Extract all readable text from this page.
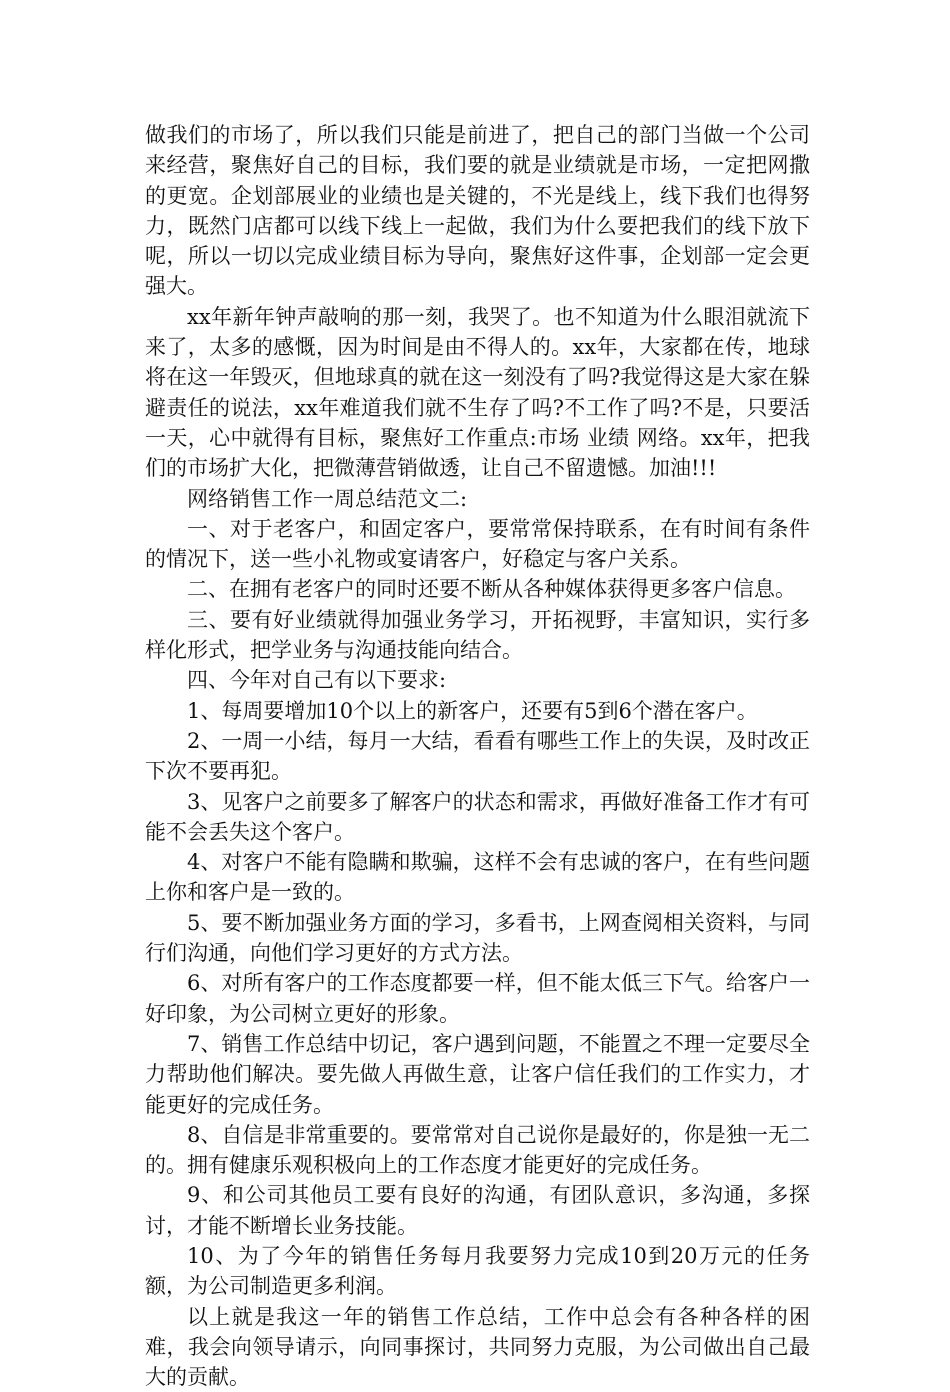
做我们的市场了，所以我们只能是前进了，把自己的部门当做一个公司来经营，聚焦好自己的目标，我们要的就是业绩就是市场，一定把网撒的更宽。企划部展业的业绩也是关键的，不光是线上，线下我们也得努力，既然门店都可以线下线上一起做，我们为什么要把我们的线下放下呢，所以一切以完成业绩目标为导向，聚焦好这件事，企划部一定会更强大。

xx年新年钟声敲响的那一刻，我哭了。也不知道为什么眼泪就流下来了，太多的感慨，因为时间是由不得人的。xx年，大家都在传，地球将在这一年毁灭，但地球真的就在这一刻没有了吗?我觉得这是大家在躲避责任的说法，xx年难道我们就不生存了吗?不工作了吗?不是，只要活一天，心中就得有目标，聚焦好工作重点:市场 业绩 网络。xx年，把我们的市场扩大化，把微薄营销做透，让自己不留遗憾。加油!!!

网络销售工作一周总结范文二:

一、对于老客户，和固定客户，要常常保持联系，在有时间有条件的情况下，送一些小礼物或宴请客户，好稳定与客户关系。

二、在拥有老客户的同时还要不断从各种媒体获得更多客户信息。

三、要有好业绩就得加强业务学习，开拓视野，丰富知识，实行多样化形式，把学业务与沟通技能向结合。

四、今年对自己有以下要求:

1、每周要增加10个以上的新客户，还要有5到6个潜在客户。

2、一周一小结，每月一大结，看看有哪些工作上的失误，及时改正下次不要再犯。

3、见客户之前要多了解客户的状态和需求，再做好准备工作才有可能不会丢失这个客户。

4、对客户不能有隐瞒和欺骗，这样不会有忠诚的客户，在有些问题上你和客户是一致的。

5、要不断加强业务方面的学习，多看书，上网查阅相关资料，与同行们沟通，向他们学习更好的方式方法。

6、对所有客户的工作态度都要一样，但不能太低三下气。给客户一好印象，为公司树立更好的形象。

7、销售工作总结中切记，客户遇到问题，不能置之不理一定要尽全力帮助他们解决。要先做人再做生意，让客户信任我们的工作实力，才能更好的完成任务。

8、自信是非常重要的。要常常对自己说你是最好的，你是独一无二的。拥有健康乐观积极向上的工作态度才能更好的完成任务。

9、和公司其他员工要有良好的沟通，有团队意识，多沟通，多探讨，才能不断增长业务技能。

10、为了今年的销售任务每月我要努力完成10到20万元的任务额，为公司制造更多利润。

以上就是我这一年的销售工作总结，工作中总会有各种各样的困难，我会向领导请示，向同事探讨，共同努力克服，为公司做出自己最大的贡献。
